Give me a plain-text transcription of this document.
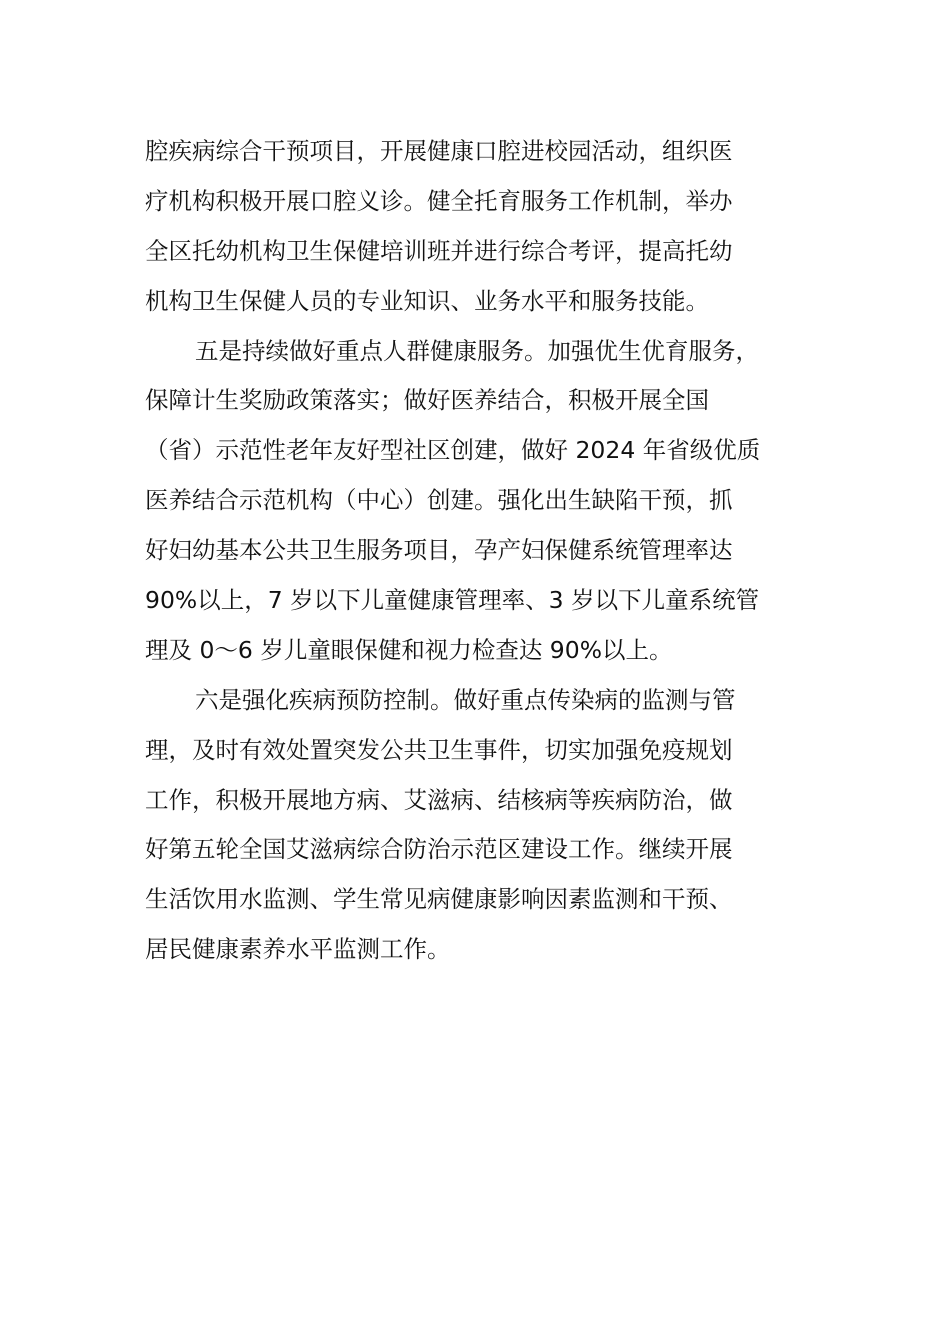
腔疾病综合干预项目，开展健康口腔进校园活动，组织医
疗机构积极开展口腔义诊。健全托育服务工作机制，举办
全区托幼机构卫生保健培训班并进行综合考评，提高托幼
机构卫生保健人员的专业知识、业务水平和服务技能。
五是持续做好重点人群健康服务。加强优生优育服务，
保障计生奖励政策落实；做好医养结合，积极开展全国
（省）示范性老年友好型社区创建，做好 2024 年省级优质
医养结合示范机构（中心）创建。强化出生缺陷干预，抓
好妇幼基本公共卫生服务项目，孕产妇保健系统管理率达
90%以上，7 岁以下儿童健康管理率、3 岁以下儿童系统管
理及 0～6 岁儿童眼保健和视力检查达 90%以上。
六是强化疾病预防控制。做好重点传染病的监测与管
理，及时有效处置突发公共卫生事件，切实加强免疫规划
工作，积极开展地方病、艾滋病、结核病等疾病防治，做
好第五轮全国艾滋病综合防治示范区建设工作。继续开展
生活饮用水监测、学生常见病健康影响因素监测和干预、
居民健康素养水平监测工作。
